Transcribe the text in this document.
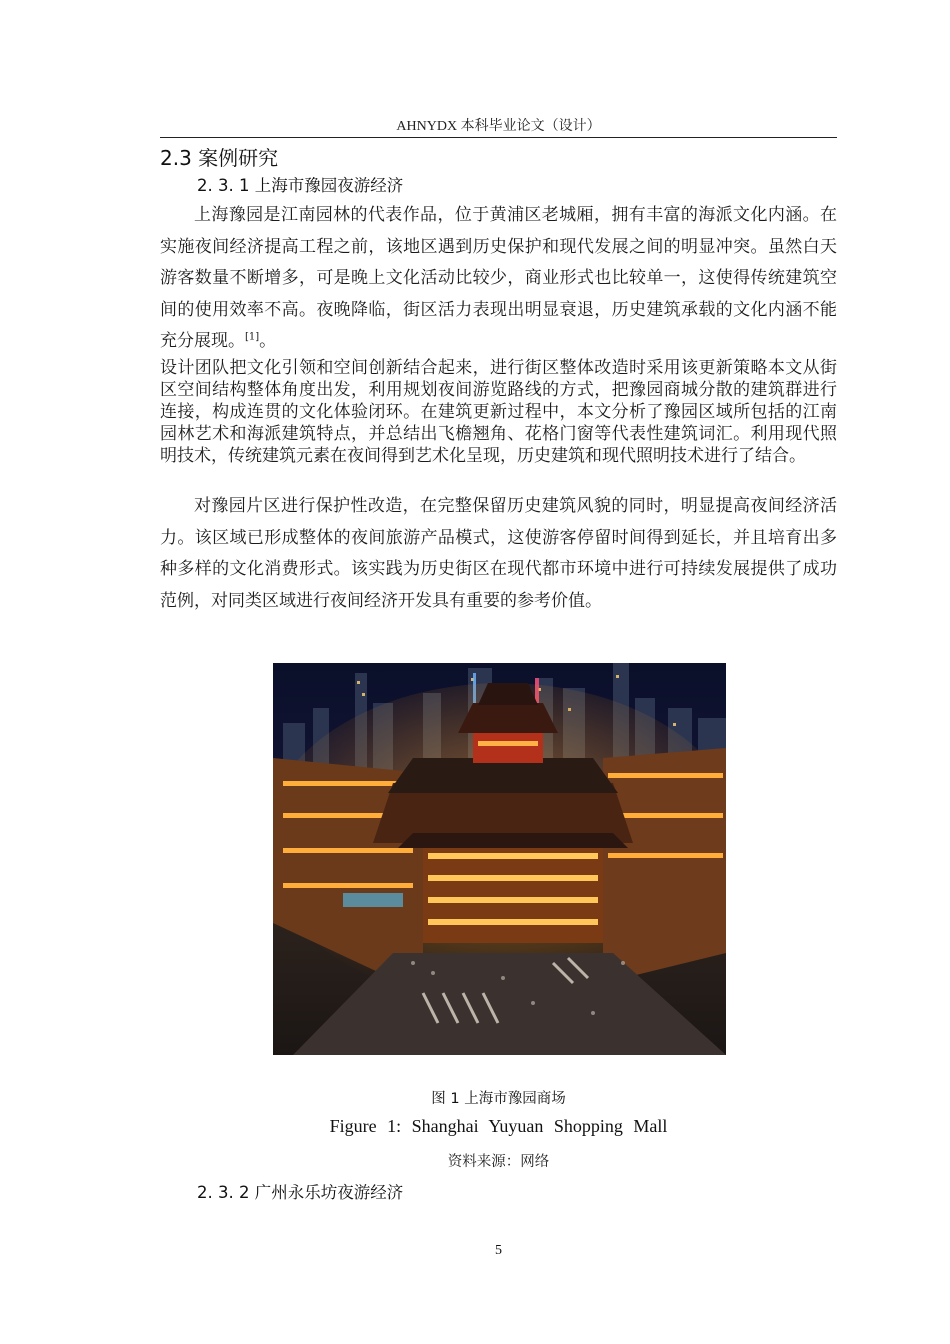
AHNYDX 本科毕业论文（设计）
2.3 案例研究
2. 3. 1 上海市豫园夜游经济
上海豫园是江南园林的代表作品，位于黄浦区老城厢，拥有丰富的海派文化内涵。在实施夜间经济提高工程之前，该地区遇到历史保护和现代发展之间的明显冲突。虽然白天游客数量不断增多，可是晚上文化活动比较少，商业形式也比较单一，这使得传统建筑空间的使用效率不高。夜晚降临，街区活力表现出明显衰退，历史建筑承载的文化内涵不能充分展现。[1]。
设计团队把文化引领和空间创新结合起来，进行街区整体改造时采用该更新策略本文从街区空间结构整体角度出发，利用规划夜间游览路线的方式，把豫园商城分散的建筑群进行连接，构成连贯的文化体验闭环。在建筑更新过程中，本文分析了豫园区域所包括的江南园林艺术和海派建筑特点，并总结出飞檐翘角、花格门窗等代表性建筑词汇。利用现代照明技术，传统建筑元素在夜间得到艺术化呈现，历史建筑和现代照明技术进行了结合。
对豫园片区进行保护性改造，在完整保留历史建筑风貌的同时，明显提高夜间经济活力。该区域已形成整体的夜间旅游产品模式，这使游客停留时间得到延长，并且培育出多种多样的文化消费形式。该实践为历史街区在现代都市环境中进行可持续发展提供了成功范例，对同类区域进行夜间经济开发具有重要的参考价值。
图 1 上海市豫园商场
Figure 1: Shanghai Yuyuan Shopping Mall
资料来源：网络
2. 3. 2 广州永乐坊夜游经济
5
